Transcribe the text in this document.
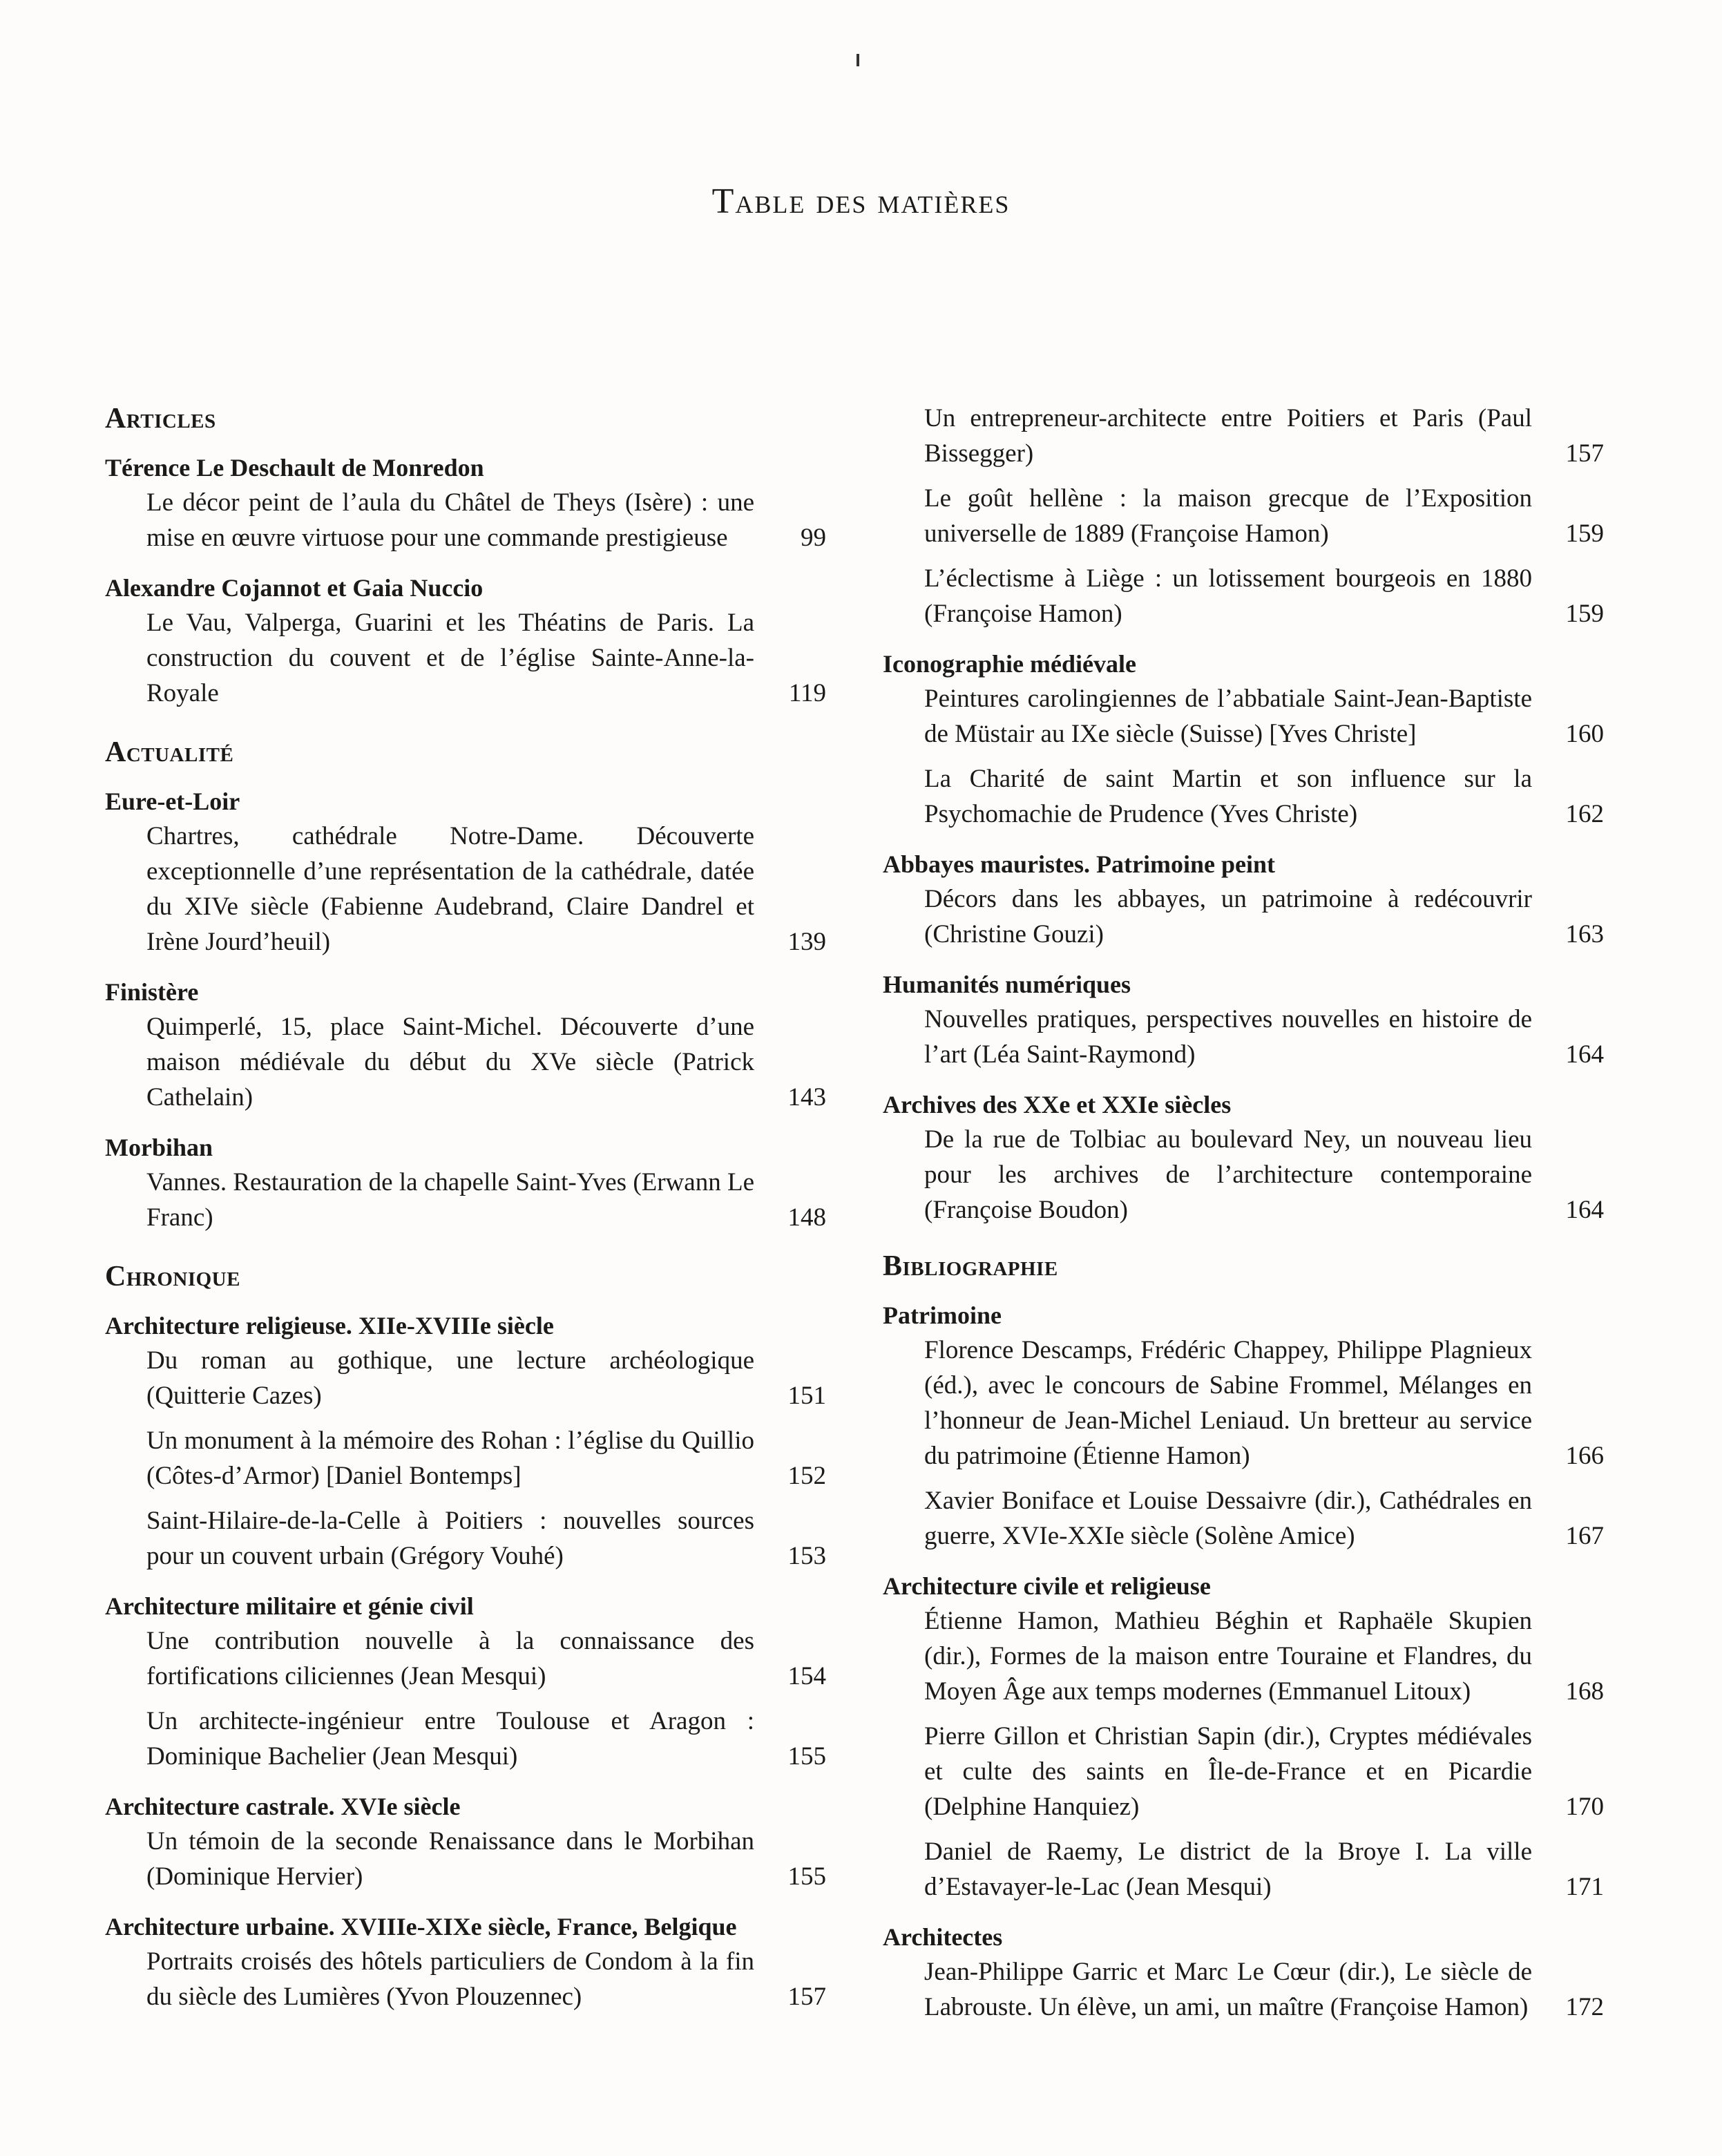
Table des matières
Articles
Térence Le Deschault de Monredon
Le décor peint de l’aula du Châtel de Theys (Isère) : une mise en œuvre virtuose pour une commande prestigieuse	99
Alexandre Cojannot et Gaia Nuccio
Le Vau, Valperga, Guarini et les Théatins de Paris. La construction du couvent et de l’église Sainte-Anne-la-Royale	119
Actualité
Eure-et-Loir
Chartres, cathédrale Notre-Dame. Découverte exceptionnelle d’une représentation de la cathédrale, datée du XIVe siècle (Fabienne Audebrand, Claire Dandrel et Irène Jourd’heuil)	139
Finistère
Quimperlé, 15, place Saint-Michel. Découverte d’une maison médiévale du début du XVe siècle (Patrick Cathelain)	143
Morbihan
Vannes. Restauration de la chapelle Saint-Yves (Erwann Le Franc)	148
Chronique
Architecture religieuse. XIIe-XVIIIe siècle
Du roman au gothique, une lecture archéologique (Quitterie Cazes)	151
Un monument à la mémoire des Rohan : l’église du Quillio (Côtes-d’Armor) [Daniel Bontemps]	152
Saint-Hilaire-de-la-Celle à Poitiers : nouvelles sources pour un couvent urbain (Grégory Vouhé)	153
Architecture militaire et génie civil
Une contribution nouvelle à la connaissance des fortifications ciliciennes (Jean Mesqui)	154
Un architecte-ingénieur entre Toulouse et Aragon : Dominique Bachelier (Jean Mesqui)	155
Architecture castrale. XVIe siècle
Un témoin de la seconde Renaissance dans le Morbihan (Dominique Hervier)	155
Architecture urbaine. XVIIIe-XIXe siècle, France, Belgique
Portraits croisés des hôtels particuliers de Condom à la fin du siècle des Lumières (Yvon Plouzennec)	157
Un entrepreneur-architecte entre Poitiers et Paris (Paul Bissegger)	157
Le goût hellène : la maison grecque de l’Exposition universelle de 1889 (Françoise Hamon)	159
L’éclectisme à Liège : un lotissement bourgeois en 1880 (Françoise Hamon)	159
Iconographie médiévale
Peintures carolingiennes de l’abbatiale Saint-Jean-Baptiste de Müstair au IXe siècle (Suisse) [Yves Christe]	160
La Charité de saint Martin et son influence sur la Psychomachie de Prudence (Yves Christe)	162
Abbayes mauristes. Patrimoine peint
Décors dans les abbayes, un patrimoine à redécouvrir (Christine Gouzi)	163
Humanités numériques
Nouvelles pratiques, perspectives nouvelles en histoire de l’art (Léa Saint-Raymond)	164
Archives des XXe et XXIe siècles
De la rue de Tolbiac au boulevard Ney, un nouveau lieu pour les archives de l’architecture contemporaine (Françoise Boudon)	164
Bibliographie
Patrimoine
Florence Descamps, Frédéric Chappey, Philippe Plagnieux (éd.), avec le concours de Sabine Frommel, Mélanges en l’honneur de Jean-Michel Leniaud. Un bretteur au service du patrimoine (Étienne Hamon)	166
Xavier Boniface et Louise Dessaivre (dir.), Cathédrales en guerre, XVIe-XXIe siècle (Solène Amice)	167
Architecture civile et religieuse
Étienne Hamon, Mathieu Béghin et Raphaële Skupien (dir.), Formes de la maison entre Touraine et Flandres, du Moyen Âge aux temps modernes (Emmanuel Litoux)	168
Pierre Gillon et Christian Sapin (dir.), Cryptes médiévales et culte des saints en Île-de-France et en Picardie (Delphine Hanquiez)	170
Daniel de Raemy, Le district de la Broye I. La ville d’Estavayer-le-Lac (Jean Mesqui)	171
Architectes
Jean-Philippe Garric et Marc Le Cœur (dir.), Le siècle de Labrouste. Un élève, un ami, un maître (Françoise Hamon)	172
